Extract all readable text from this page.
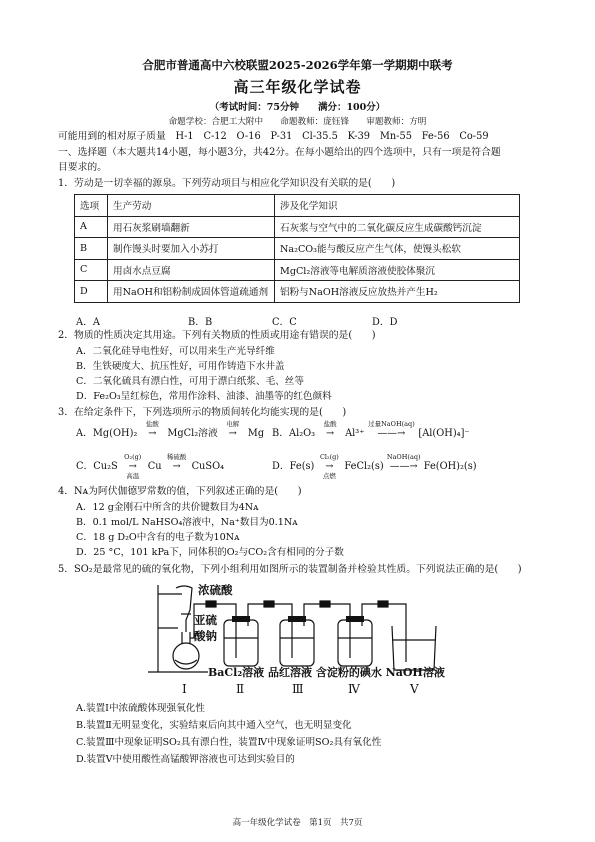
合肥市普通高中六校联盟2025-2026学年第一学期期中联考
高三年级化学试卷
（考试时间：75分钟　　满分：100分）
命题学校：合肥工大附中　　命题教师：庞钰锋　　审题教师：方明
可能用到的相对原子质量　H-1　C-12　O-16　P-31　Cl-35.5　K-39　Mn-55　Fe-56　Co-59
一、选择题（本大题共14小题，每小题3分，共42分。在每小题给出的四个选项中，只有一项是符合题
目要求的。
1．劳动是一切幸福的源泉。下列劳动项目与相应化学知识没有关联的是(　　)
选项	生产劳动	涉及化学知识
A	用石灰浆刷墙翻新	石灰浆与空气中的二氧化碳反应生成碳酸钙沉淀
B	制作馒头时要加入小苏打	Na₂CO₃能与酸反应产生气体，使馒头松软
C	用卤水点豆腐	MgCl₂溶液等电解质溶液使胶体聚沉
D	用NaOH和铝粉制成固体管道疏通剂	铝粉与NaOH溶液反应放热并产生H₂
A．A	B．B	C．C	D．D
2．物质的性质决定其用途。下列有关物质的性质或用途有错误的是(　　)
A．二氧化硅导电性好，可以用来生产光导纤维
B．生铁硬度大、抗压性好，可用作铸造下水井盖
C．二氧化硫具有漂白性，可用于漂白纸浆、毛、丝等
D．Fe₂O₃呈红棕色，常用作涂料、油漆、油墨等的红色颜料
3．在给定条件下，下列选项所示的物质间转化均能实现的是(　　)
A．Mg(OH)₂
盐酸
→ MgCl₂溶液
电解
→ Mg B．Al₂O₃
盐酸
→ Al³⁺
过量NaOH(aq)
——→ [Al(OH)₄]⁻
C．Cu₂S
O₂(g)
→
高温
Cu
稀硫酸
→ CuSO₄	D．Fe(s)
Cl₂(g)
→
点燃
FeCl₂(s)
NaOH(aq)
——→ Fe(OH)₂(s)
4．Nᴀ为阿伏伽德罗常数的值，下列叙述正确的是(　　)
A．12 g金刚石中所含的共价键数目为4Nᴀ
B．0.1 mol/L NaHSO₄溶液中，Na⁺数目为0.1Nᴀ
C．18 g D₂O中含有的电子数为10Nᴀ
D．25 °C，101 kPa下，同体积的O₂与CO₂含有相同的分子数
5．SO₂是最常见的硫的氧化物，下列小组利用如图所示的装置制备并检验其性质。下列说法正确的是(　　)
浓硫酸
亚硫
酸钠
BaCl₂溶液 品红溶液 含淀粉的碘水 NaOH溶液
Ⅰ	Ⅱ	Ⅲ	Ⅳ	Ⅴ
A.装置Ⅰ中浓硫酸体现强氧化性
B.装置Ⅱ无明显变化，实验结束后向其中通入空气，也无明显变化
C.装置Ⅲ中现象证明SO₂具有漂白性，装置Ⅳ中现象证明SO₂具有氧化性
D.装置Ⅴ中使用酸性高锰酸钾溶液也可达到实验目的
高一年级化学试卷　第1页　共7页
